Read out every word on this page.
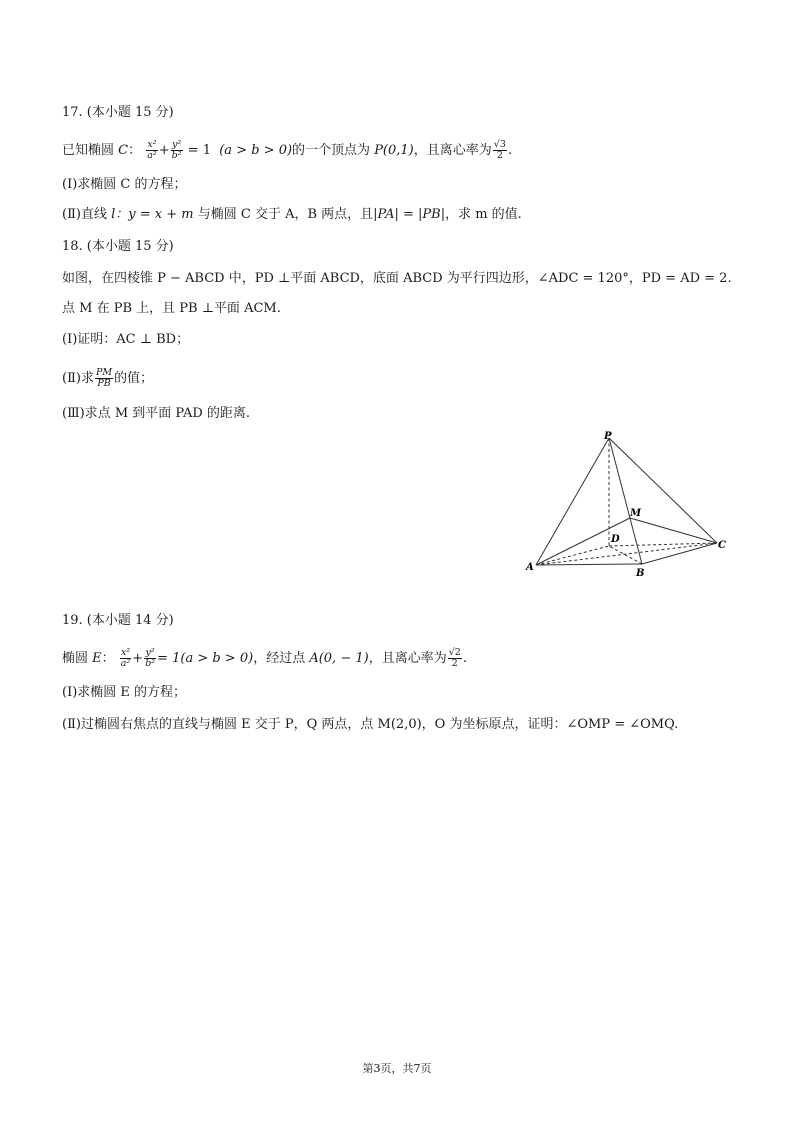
17. (本小题 15 分)
已知椭圆 C： $\frac{\text{x²}}{\text{a²}} + \frac{\text{y²}}{\text{b²}} = 1$ (a > b > 0)的一个顶点为 P(0,1)，且离心率为 $\frac{√3}{2}$ .
(Ⅰ)求椭圆 C 的方程；
(Ⅱ)直线 l：y = x + m 与椭圆 C 交于 A，B 两点，且|PA| = |PB|，求 m 的值.
18. (本小题 15 分)
如图，在四棱锥 P − ABCD 中，PD ⊥平面 ABCD，底面 ABCD 为平行四边形，∠ADC = 120°，PD = AD = 2.
点 M 在 PB 上，且 PB ⊥平面 ACM.
(Ⅰ)证明：AC ⊥ BD；
(Ⅱ)求 $\frac{PM}{PB}$ 的值；
(Ⅲ)求点 M 到平面 PAD 的距离.
P
M
D
C
A
B
19. (本小题 14 分)
椭圆 E： $\frac{\text{x²}}{\text{a²}} + \frac{\text{y²}}{\text{b²}} = 1(a > b > 0)$，经过点 A(0, − 1)，且离心率为 $\frac{√2}{2}$ .
(Ⅰ)求椭圆 E 的方程；
(Ⅱ)过椭圆右焦点的直线与椭圆 E 交于 P，Q 两点，点 M(2,0)，O 为坐标原点，证明：∠OMP = ∠OMQ.
第3页，共7页
